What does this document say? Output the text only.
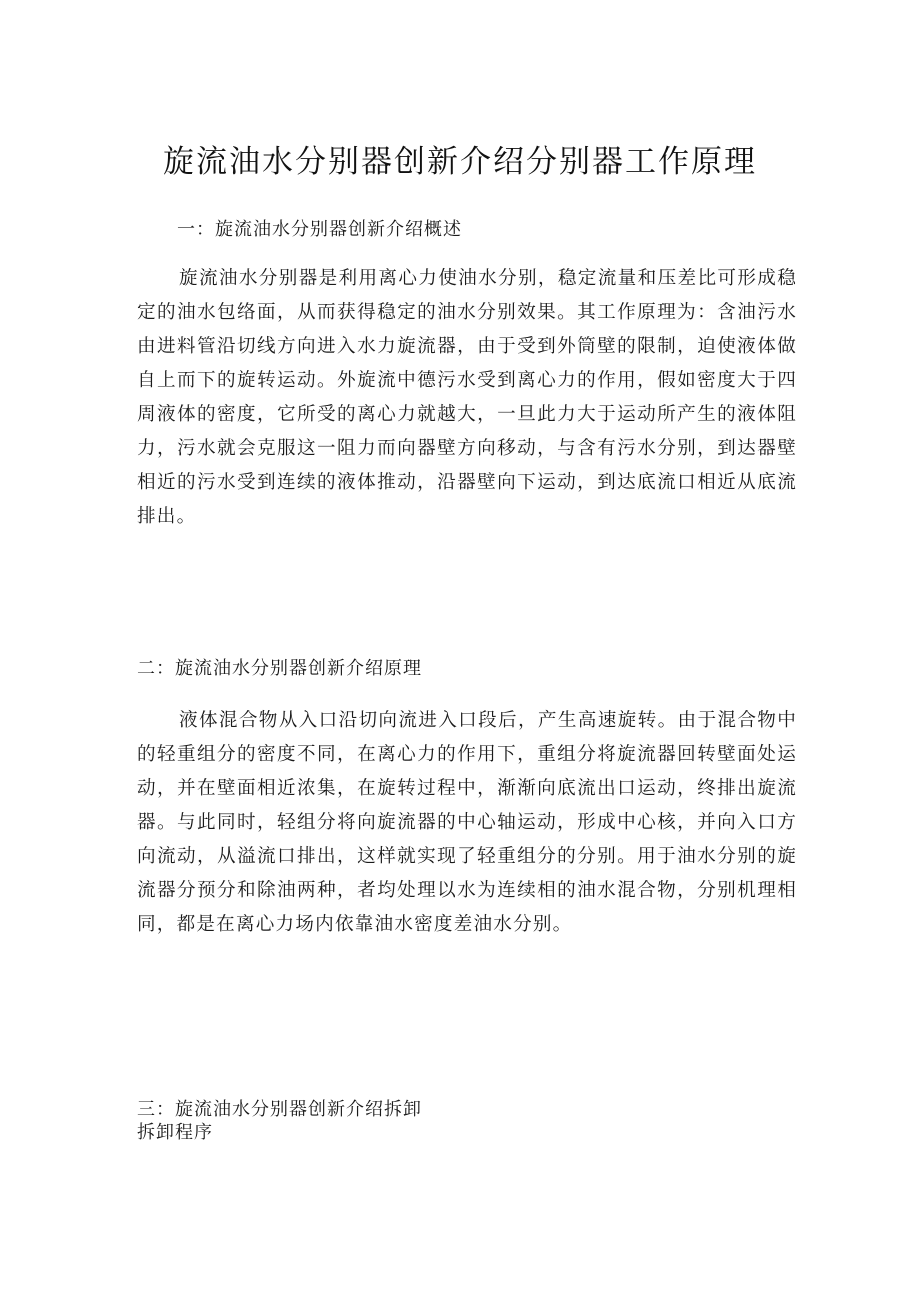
旋流油水分别器创新介绍分别器工作原理
一：旋流油水分别器创新介绍概述
旋流油水分别器是利用离心力使油水分别，稳定流量和压差比可形成稳定的油水包络面，从而获得稳定的油水分别效果。其工作原理为：含油污水由进料管沿切线方向进入水力旋流器，由于受到外筒壁的限制，迫使液体做自上而下的旋转运动。外旋流中德污水受到离心力的作用，假如密度大于四周液体的密度，它所受的离心力就越大，一旦此力大于运动所产生的液体阻力，污水就会克服这一阻力而向器壁方向移动，与含有污水分别，到达器壁相近的污水受到连续的液体推动，沿器壁向下运动，到达底流口相近从底流排出。
二：旋流油水分别器创新介绍原理
液体混合物从入口沿切向流进入口段后，产生高速旋转。由于混合物中的轻重组分的密度不同，在离心力的作用下，重组分将旋流器回转壁面处运动，并在壁面相近浓集，在旋转过程中，渐渐向底流出口运动，终排出旋流器。与此同时，轻组分将向旋流器的中心轴运动，形成中心核，并向入口方向流动，从溢流口排出，这样就实现了轻重组分的分别。用于油水分别的旋流器分预分和除油两种，者均处理以水为连续相的油水混合物，分别机理相同，都是在离心力场内依靠油水密度差油水分别。
三：旋流油水分别器创新介绍拆卸
拆卸程序
